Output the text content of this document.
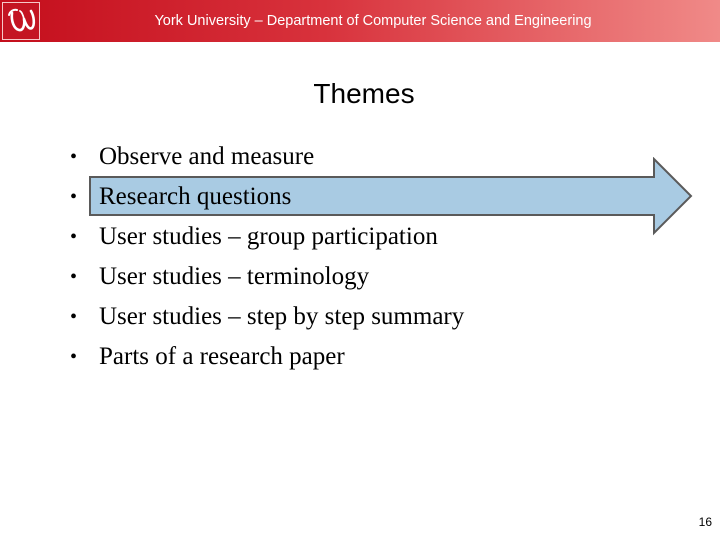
York University – Department of Computer Science and Engineering
Themes
• Observe and measure
• Research questions
• User studies – group participation
• User studies – terminology
• User studies – step by step summary
• Parts of a research paper
16
